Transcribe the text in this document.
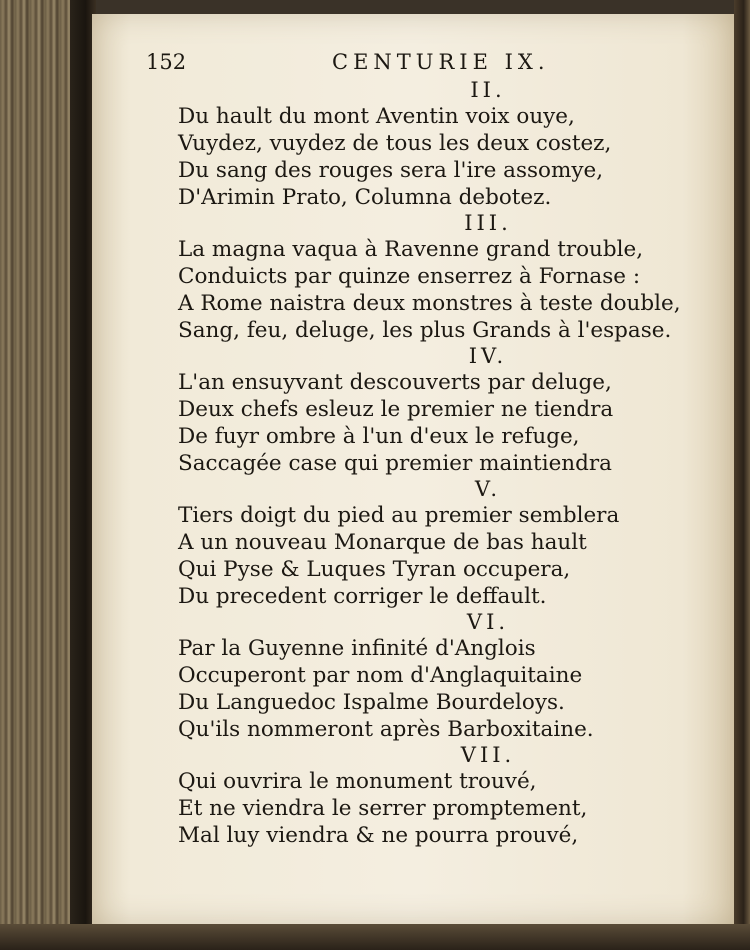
152	CENTURIE IX.
II.
Du hault du mont Aventin voix ouye,
Vuydez, vuydez de tous les deux costez,
Du sang des rouges sera l'ire assomye,
D'Arimin Prato, Columna debotez.
III.
La magna vaqua à Ravenne grand trouble,
Conduicts par quinze enserrez à Fornase :
A Rome naistra deux monstres à teste double,
Sang, feu, deluge, les plus Grands à l'espase.
IV.
L'an ensuyvant descouverts par deluge,
Deux chefs esleuz le premier ne tiendra
De fuyr ombre à l'un d'eux le refuge,
Saccagée case qui premier maintiendra
V.
Tiers doigt du pied au premier semblera
A un nouveau Monarque de bas hault
Qui Pyse & Luques Tyran occupera,
Du precedent corriger le deffault.
VI.
Par la Guyenne infinité d'Anglois
Occuperont par nom d'Anglaquitaine
Du Languedoc Ispalme Bourdeloys.
Qu'ils nommeront après Barboxitaine.
VII.
Qui ouvrira le monument trouvé,
Et ne viendra le serrer promptement,
Mal luy viendra & ne pourra prouvé,
